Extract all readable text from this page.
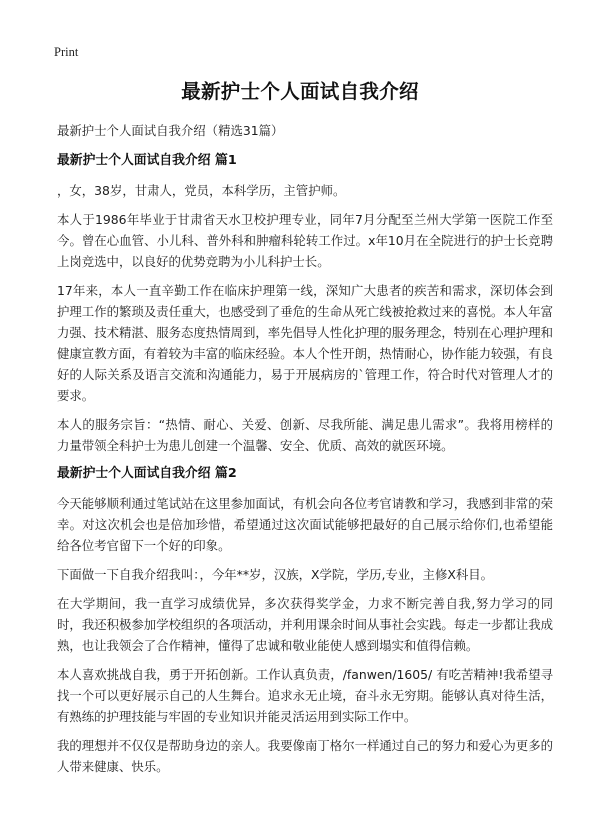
Print
最新护士个人面试自我介绍

最新护士个人面试自我介绍（精选31篇）

最新护士个人面试自我介绍 篇1

，女，38岁，甘肃人，党员，本科学历，主管护师。

本人于1986年毕业于甘肃省天水卫校护理专业，同年7月分配至兰州大学第一医院工作至今。曾在心血管、小儿科、普外科和肿瘤科轮转工作过。x年10月在全院进行的护士长竞聘上岗竞选中，以良好的优势竞聘为小儿科护士长。

17年来，本人一直辛勤工作在临床护理第一线，深知广大患者的疾苦和需求，深切体会到护理工作的繁琐及责任重大，也感受到了垂危的生命从死亡线被抢救过来的喜悦。本人年富力强、技术精湛、服务态度热情周到，率先倡导人性化护理的服务理念，特别在心理护理和健康宣教方面，有着较为丰富的临床经验。本人个性开朗，热情耐心，协作能力较强，有良好的人际关系及语言交流和沟通能力，易于开展病房的`管理工作，符合时代对管理人才的要求。

本人的服务宗旨：“热情、耐心、关爱、创新、尽我所能、满足患儿需求”。我将用榜样的力量带领全科护士为患儿创建一个温馨、安全、优质、高效的就医环境。

最新护士个人面试自我介绍 篇2

今天能够顺利通过笔试站在这里参加面试，有机会向各位考官请教和学习，我感到非常的荣幸。对这次机会也是倍加珍惜，希望通过这次面试能够把最好的自己展示给你们,也希望能给各位考官留下一个好的印象。

下面做一下自我介绍我叫：，今年**岁，汉族，X学院，学历,专业，主修X科目。

在大学期间，我一直学习成绩优异，多次获得奖学金，力求不断完善自我,努力学习的同时，我还积极参加学校组织的各项活动，并利用课余时间从事社会实践。每走一步都让我成熟，也让我领会了合作精神，懂得了忠诚和敬业能使人感到塌实和值得信赖。

本人喜欢挑战自我，勇于开拓创新。工作认真负责，/fanwen/1605/ 有吃苦精神!我希望寻找一个可以更好展示自己的人生舞台。追求永无止境，奋斗永无穷期。能够认真对待生活，有熟练的护理技能与牢固的专业知识并能灵活运用到实际工作中。

我的理想并不仅仅是帮助身边的亲人。我要像南丁格尔一样通过自己的努力和爱心为更多的人带来健康、快乐。
